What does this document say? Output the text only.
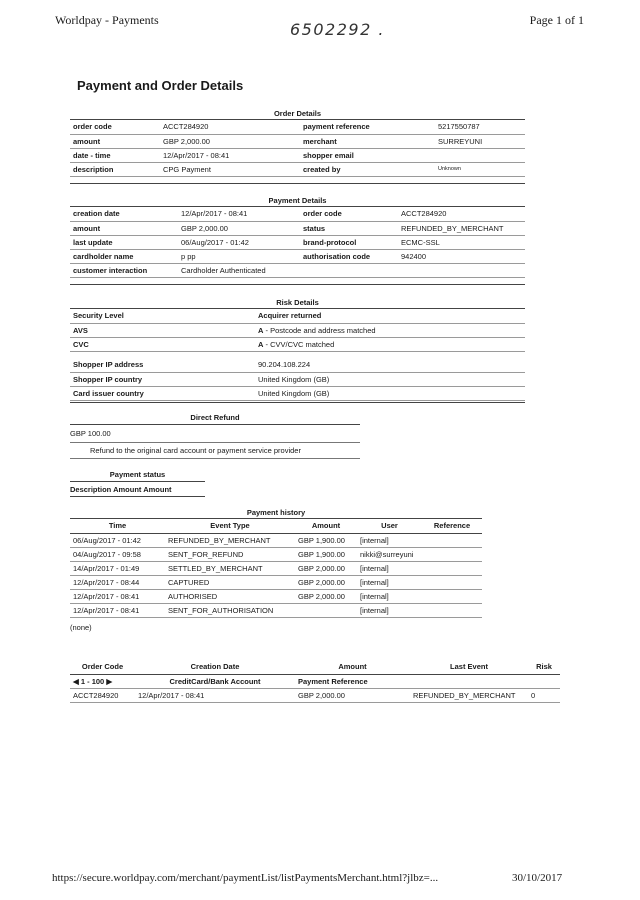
Worldpay - Payments	6502292 .	Page 1 of 1
Payment and Order Details
Order Details
order code	ACCT284920	payment reference	5217550787
amount	GBP 2,000.00	merchant	SURREYUNI
date - time	12/Apr/2017 - 08:41	shopper email	
description	CPG Payment	created by	Unknown
Payment Details
creation date	12/Apr/2017 - 08:41	order code	ACCT284920
amount	GBP 2,000.00	status	REFUNDED_BY_MERCHANT
last update	06/Aug/2017 - 01:42	brand-protocol	ECMC-SSL
cardholder name	p pp	authorisation code	942400
customer interaction	Cardholder Authenticated		
Risk Details
Security Level	Acquirer returned
AVS	A - Postcode and address matched
CVC	A - CVV/CVC matched
Shopper IP address	90.204.108.224
Shopper IP country	United Kingdom (GB)
Card issuer country	United Kingdom (GB)
Direct Refund
GBP 100.00
Refund to the original card account or payment service provider
Payment status
Description Amount Amount
Payment history
Time	Event Type	Amount	User	Reference
06/Aug/2017 - 01:42	REFUNDED_BY_MERCHANT	GBP 1,900.00	[internal]	
04/Aug/2017 - 09:58	SENT_FOR_REFUND	GBP 1,900.00	nikki@surreyuni	
14/Apr/2017 - 01:49	SETTLED_BY_MERCHANT	GBP 2,000.00	[internal]	
12/Apr/2017 - 08:44	CAPTURED	GBP 2,000.00	[internal]	
12/Apr/2017 - 08:41	AUTHORISED	GBP 2,000.00	[internal]	
12/Apr/2017 - 08:41	SENT_FOR_AUTHORISATION		[internal]	
(none)
Order Code	Creation Date	Amount	Last Event	Risk
◀ 1 - 100 ▶	CreditCard/Bank Account	Payment Reference		
ACCT284920	12/Apr/2017 - 08:41	GBP 2,000.00	REFUNDED_BY_MERCHANT	0
https://secure.worldpay.com/merchant/paymentList/listPaymentsMerchant.html?jlbz=...	30/10/2017
